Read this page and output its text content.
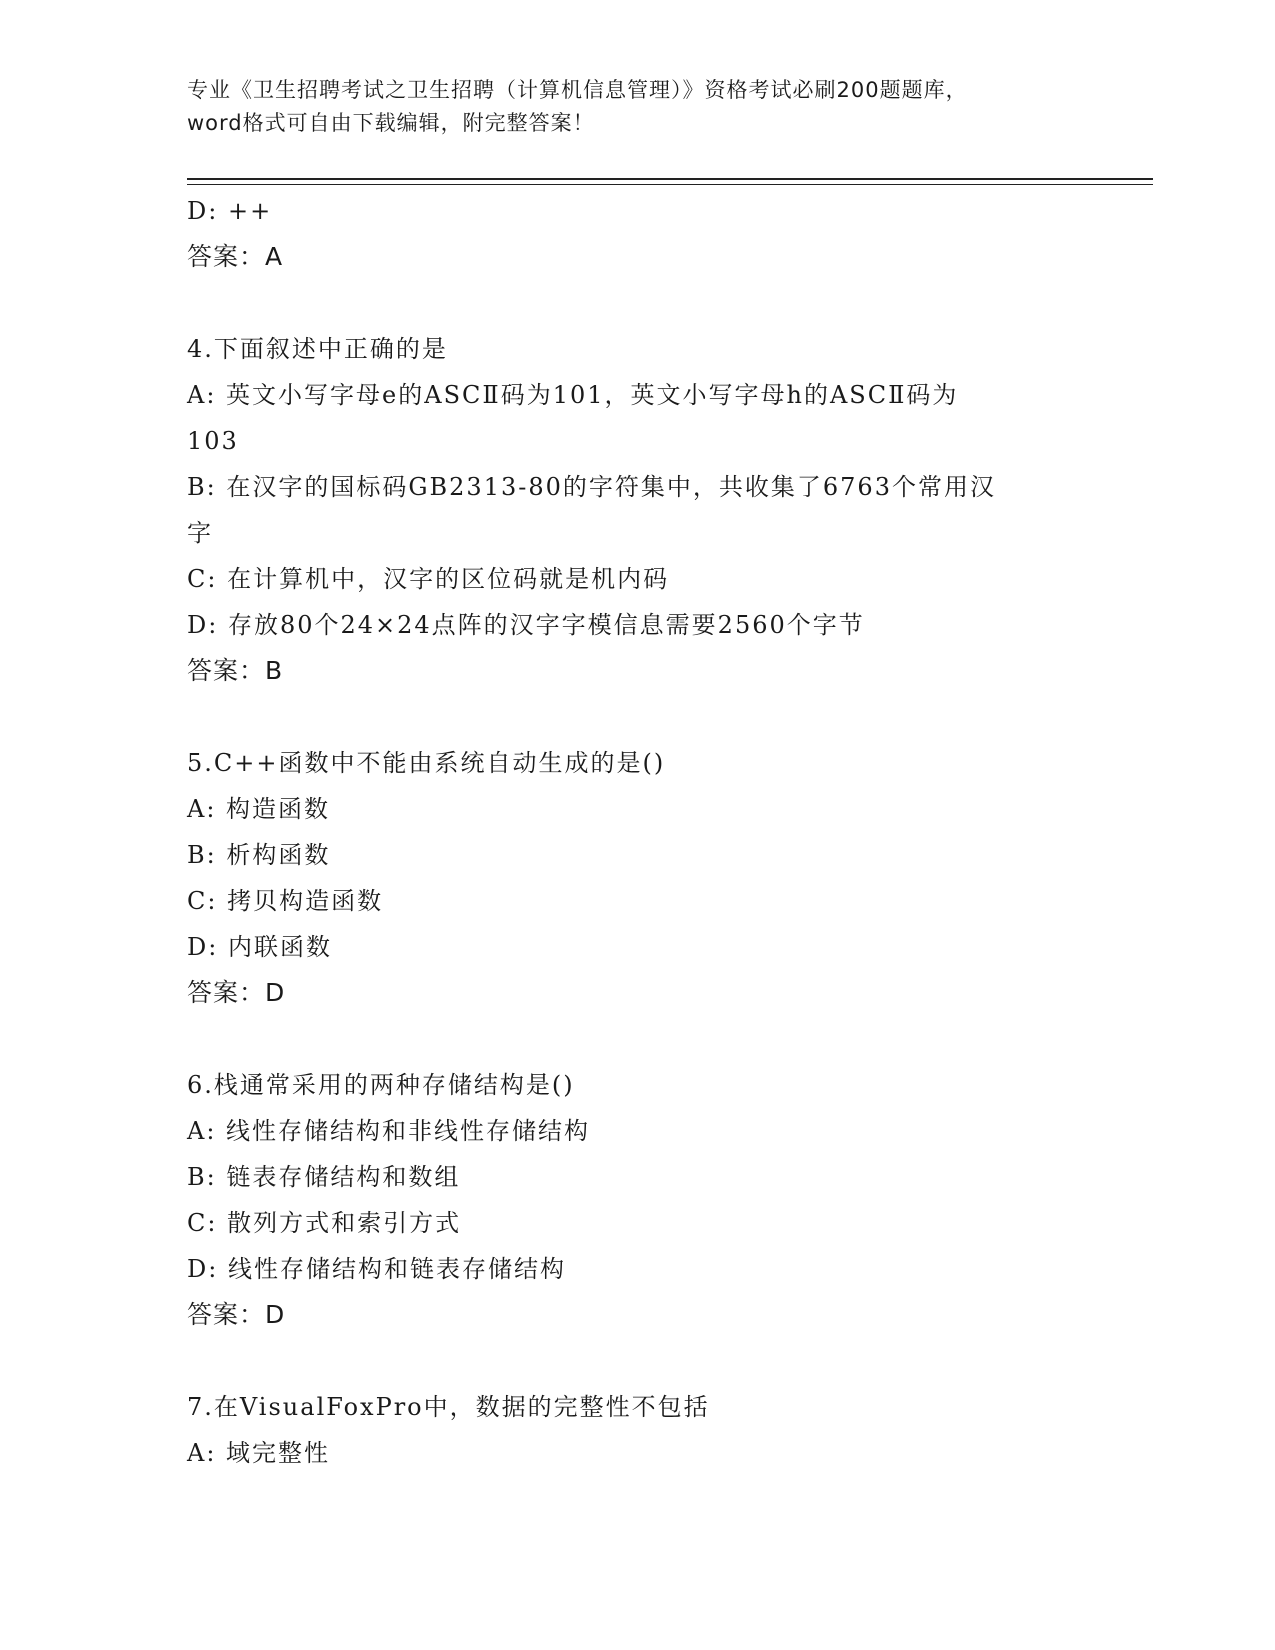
专业《卫生招聘考试之卫生招聘（计算机信息管理）》资格考试必刷200题题库，
word格式可自由下载编辑，附完整答案！
D: ++
答案：A
4.下面叙述中正确的是
A: 英文小写字母e的ASCⅡ码为101，英文小写字母h的ASCⅡ码为
103
B: 在汉字的国标码GB2313-80的字符集中，共收集了6763个常用汉
字
C: 在计算机中，汉字的区位码就是机内码
D: 存放80个24×24点阵的汉字字模信息需要2560个字节
答案：B
5.C++函数中不能由系统自动生成的是()
A: 构造函数
B: 析构函数
C: 拷贝构造函数
D: 内联函数
答案：D
6.栈通常采用的两种存储结构是()
A: 线性存储结构和非线性存储结构
B: 链表存储结构和数组
C: 散列方式和索引方式
D: 线性存储结构和链表存储结构
答案：D
7.在VisualFoxPro中，数据的完整性不包括
A: 域完整性
